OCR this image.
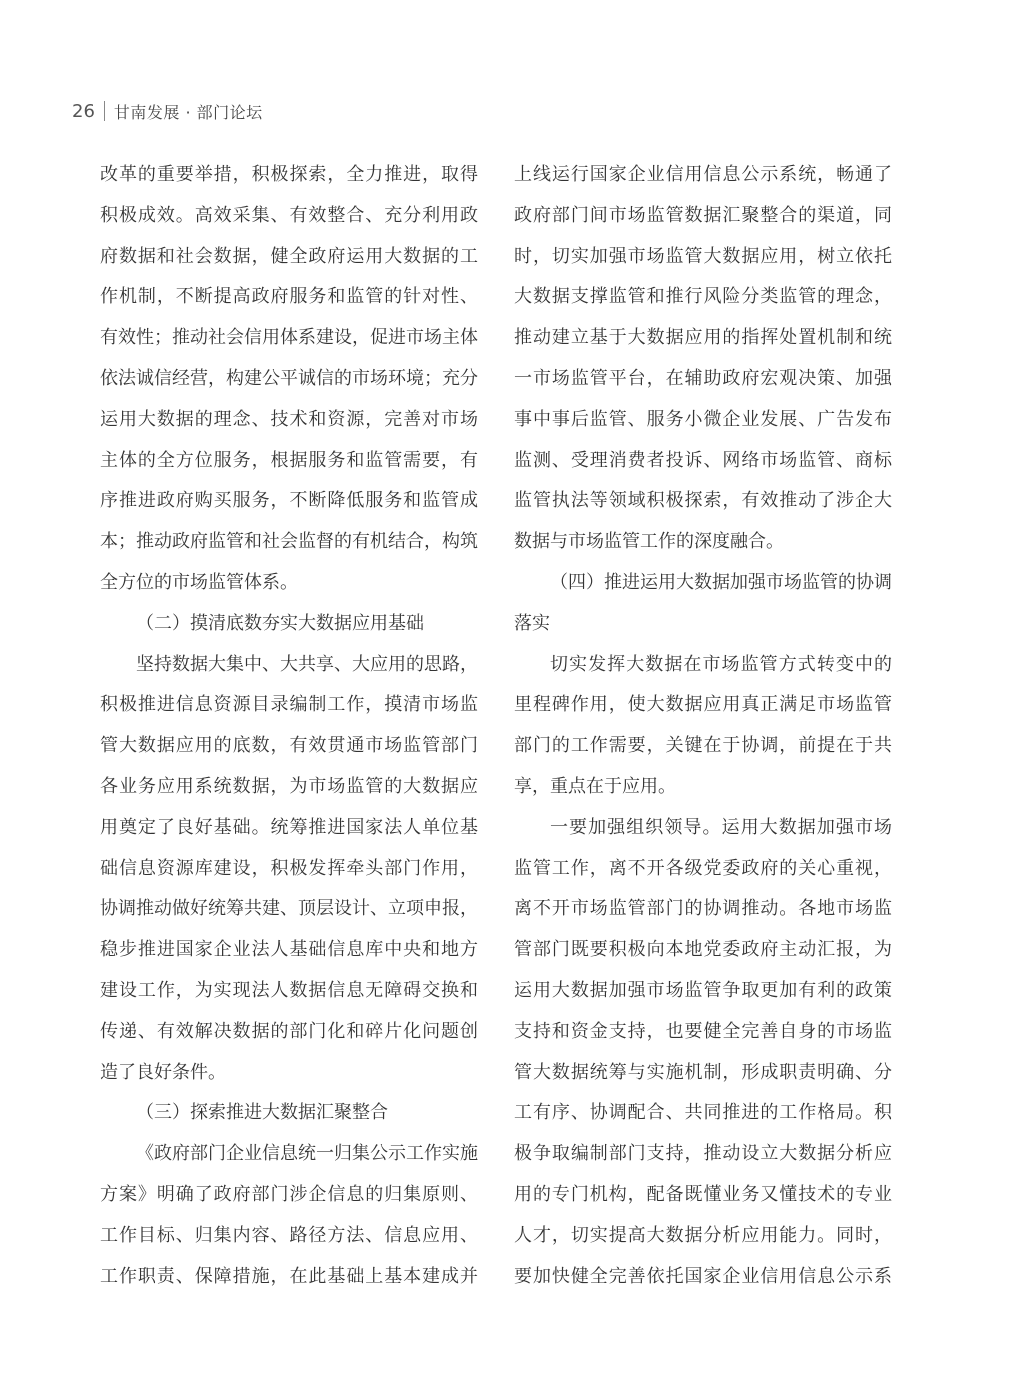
26 甘南发展 · 部门论坛
改革的重要举措，积极探索，全力推进，取得
积极成效。高效采集、有效整合、充分利用政
府数据和社会数据，健全政府运用大数据的工
作机制，不断提高政府服务和监管的针对性、
有效性；推动社会信用体系建设，促进市场主体
依法诚信经营，构建公平诚信的市场环境；充分
运用大数据的理念、技术和资源，完善对市场
主体的全方位服务，根据服务和监管需要，有
序推进政府购买服务，不断降低服务和监管成
本；推动政府监管和社会监督的有机结合，构筑
全方位的市场监管体系。
（二）摸清底数夯实大数据应用基础
坚持数据大集中、大共享、大应用的思路，
积极推进信息资源目录编制工作，摸清市场监
管大数据应用的底数，有效贯通市场监管部门
各业务应用系统数据，为市场监管的大数据应
用奠定了良好基础。统筹推进国家法人单位基
础信息资源库建设，积极发挥牵头部门作用，
协调推动做好统筹共建、顶层设计、立项申报，
稳步推进国家企业法人基础信息库中央和地方
建设工作，为实现法人数据信息无障碍交换和
传递、有效解决数据的部门化和碎片化问题创
造了良好条件。
（三）探索推进大数据汇聚整合
《政府部门企业信息统一归集公示工作实施
方案》明确了政府部门涉企信息的归集原则、
工作目标、归集内容、路径方法、信息应用、
工作职责、保障措施，在此基础上基本建成并
上线运行国家企业信用信息公示系统，畅通了
政府部门间市场监管数据汇聚整合的渠道，同
时，切实加强市场监管大数据应用，树立依托
大数据支撑监管和推行风险分类监管的理念，
推动建立基于大数据应用的指挥处置机制和统
一市场监管平台，在辅助政府宏观决策、加强
事中事后监管、服务小微企业发展、广告发布
监测、受理消费者投诉、网络市场监管、商标
监管执法等领域积极探索，有效推动了涉企大
数据与市场监管工作的深度融合。
（四）推进运用大数据加强市场监管的协调
落实
切实发挥大数据在市场监管方式转变中的
里程碑作用，使大数据应用真正满足市场监管
部门的工作需要，关键在于协调，前提在于共
享，重点在于应用。
一要加强组织领导。运用大数据加强市场
监管工作，离不开各级党委政府的关心重视，
离不开市场监管部门的协调推动。各地市场监
管部门既要积极向本地党委政府主动汇报，为
运用大数据加强市场监管争取更加有利的政策
支持和资金支持，也要健全完善自身的市场监
管大数据统筹与实施机制，形成职责明确、分
工有序、协调配合、共同推进的工作格局。积
极争取编制部门支持，推动设立大数据分析应
用的专门机构，配备既懂业务又懂技术的专业
人才，切实提高大数据分析应用能力。同时，
要加快健全完善依托国家企业信用信息公示系
